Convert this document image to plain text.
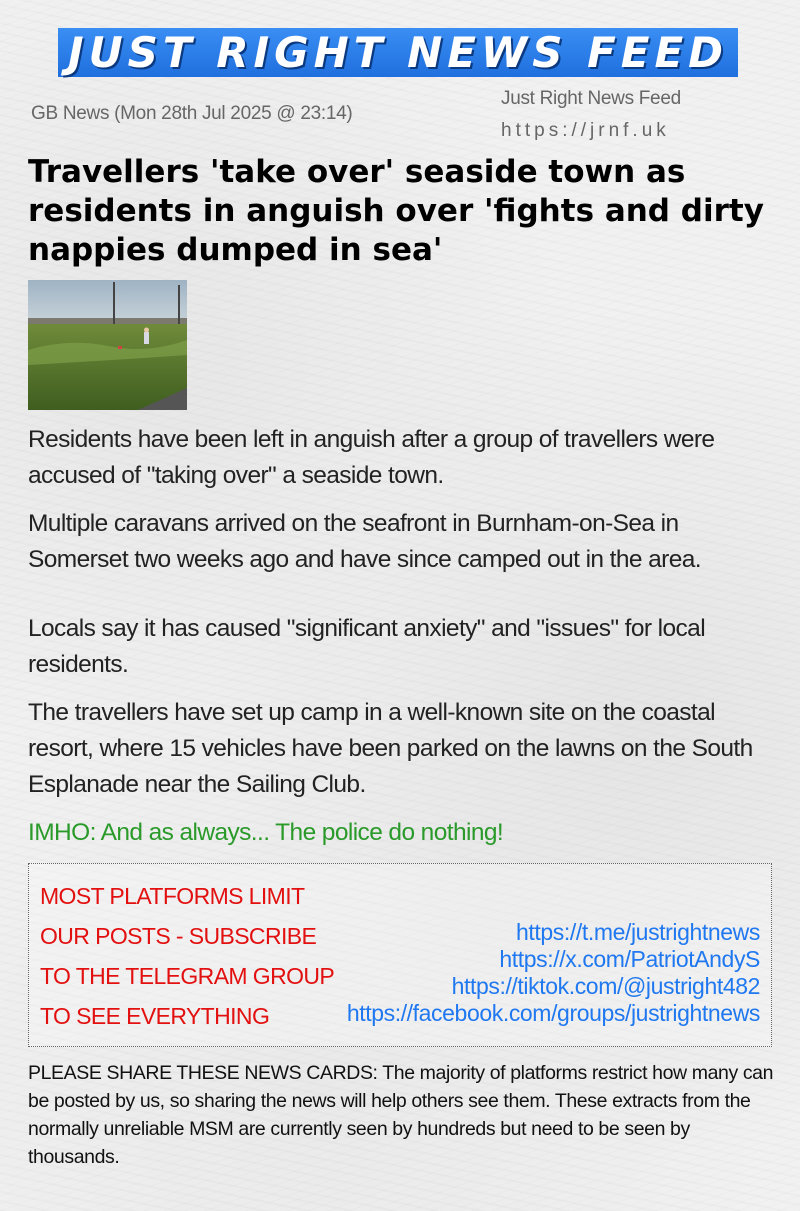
JUST RIGHT NEWS FEED
GB News (Mon 28th Jul 2025 @ 23:14)
Just Right News Feed
https://jrnf.uk
Travellers 'take over' seaside town as residents in anguish over 'fights and dirty nappies dumped in sea'

Residents have been left in anguish after a group of travellers were accused of "taking over" a seaside town.

Multiple caravans arrived on the seafront in Burnham-on-Sea in Somerset two weeks ago and have since camped out in the area.

Locals say it has caused "significant anxiety" and "issues" for local residents.

The travellers have set up camp in a well-known site on the coastal resort, where 15 vehicles have been parked on the lawns on the South Esplanade near the Sailing Club.

IMHO: And as always... The police do nothing!
MOST PLATFORMS LIMIT
OUR POSTS - SUBSCRIBE
TO THE TELEGRAM GROUP
TO SEE EVERYTHING
https://t.me/justrightnews
https://x.com/PatriotAndyS
https://tiktok.com/@justright482
https://facebook.com/groups/justrightnews
PLEASE SHARE THESE NEWS CARDS: The majority of platforms restrict how many can be posted by us, so sharing the news will help others see them. These extracts from the normally unreliable MSM are currently seen by hundreds but need to be seen by thousands.
